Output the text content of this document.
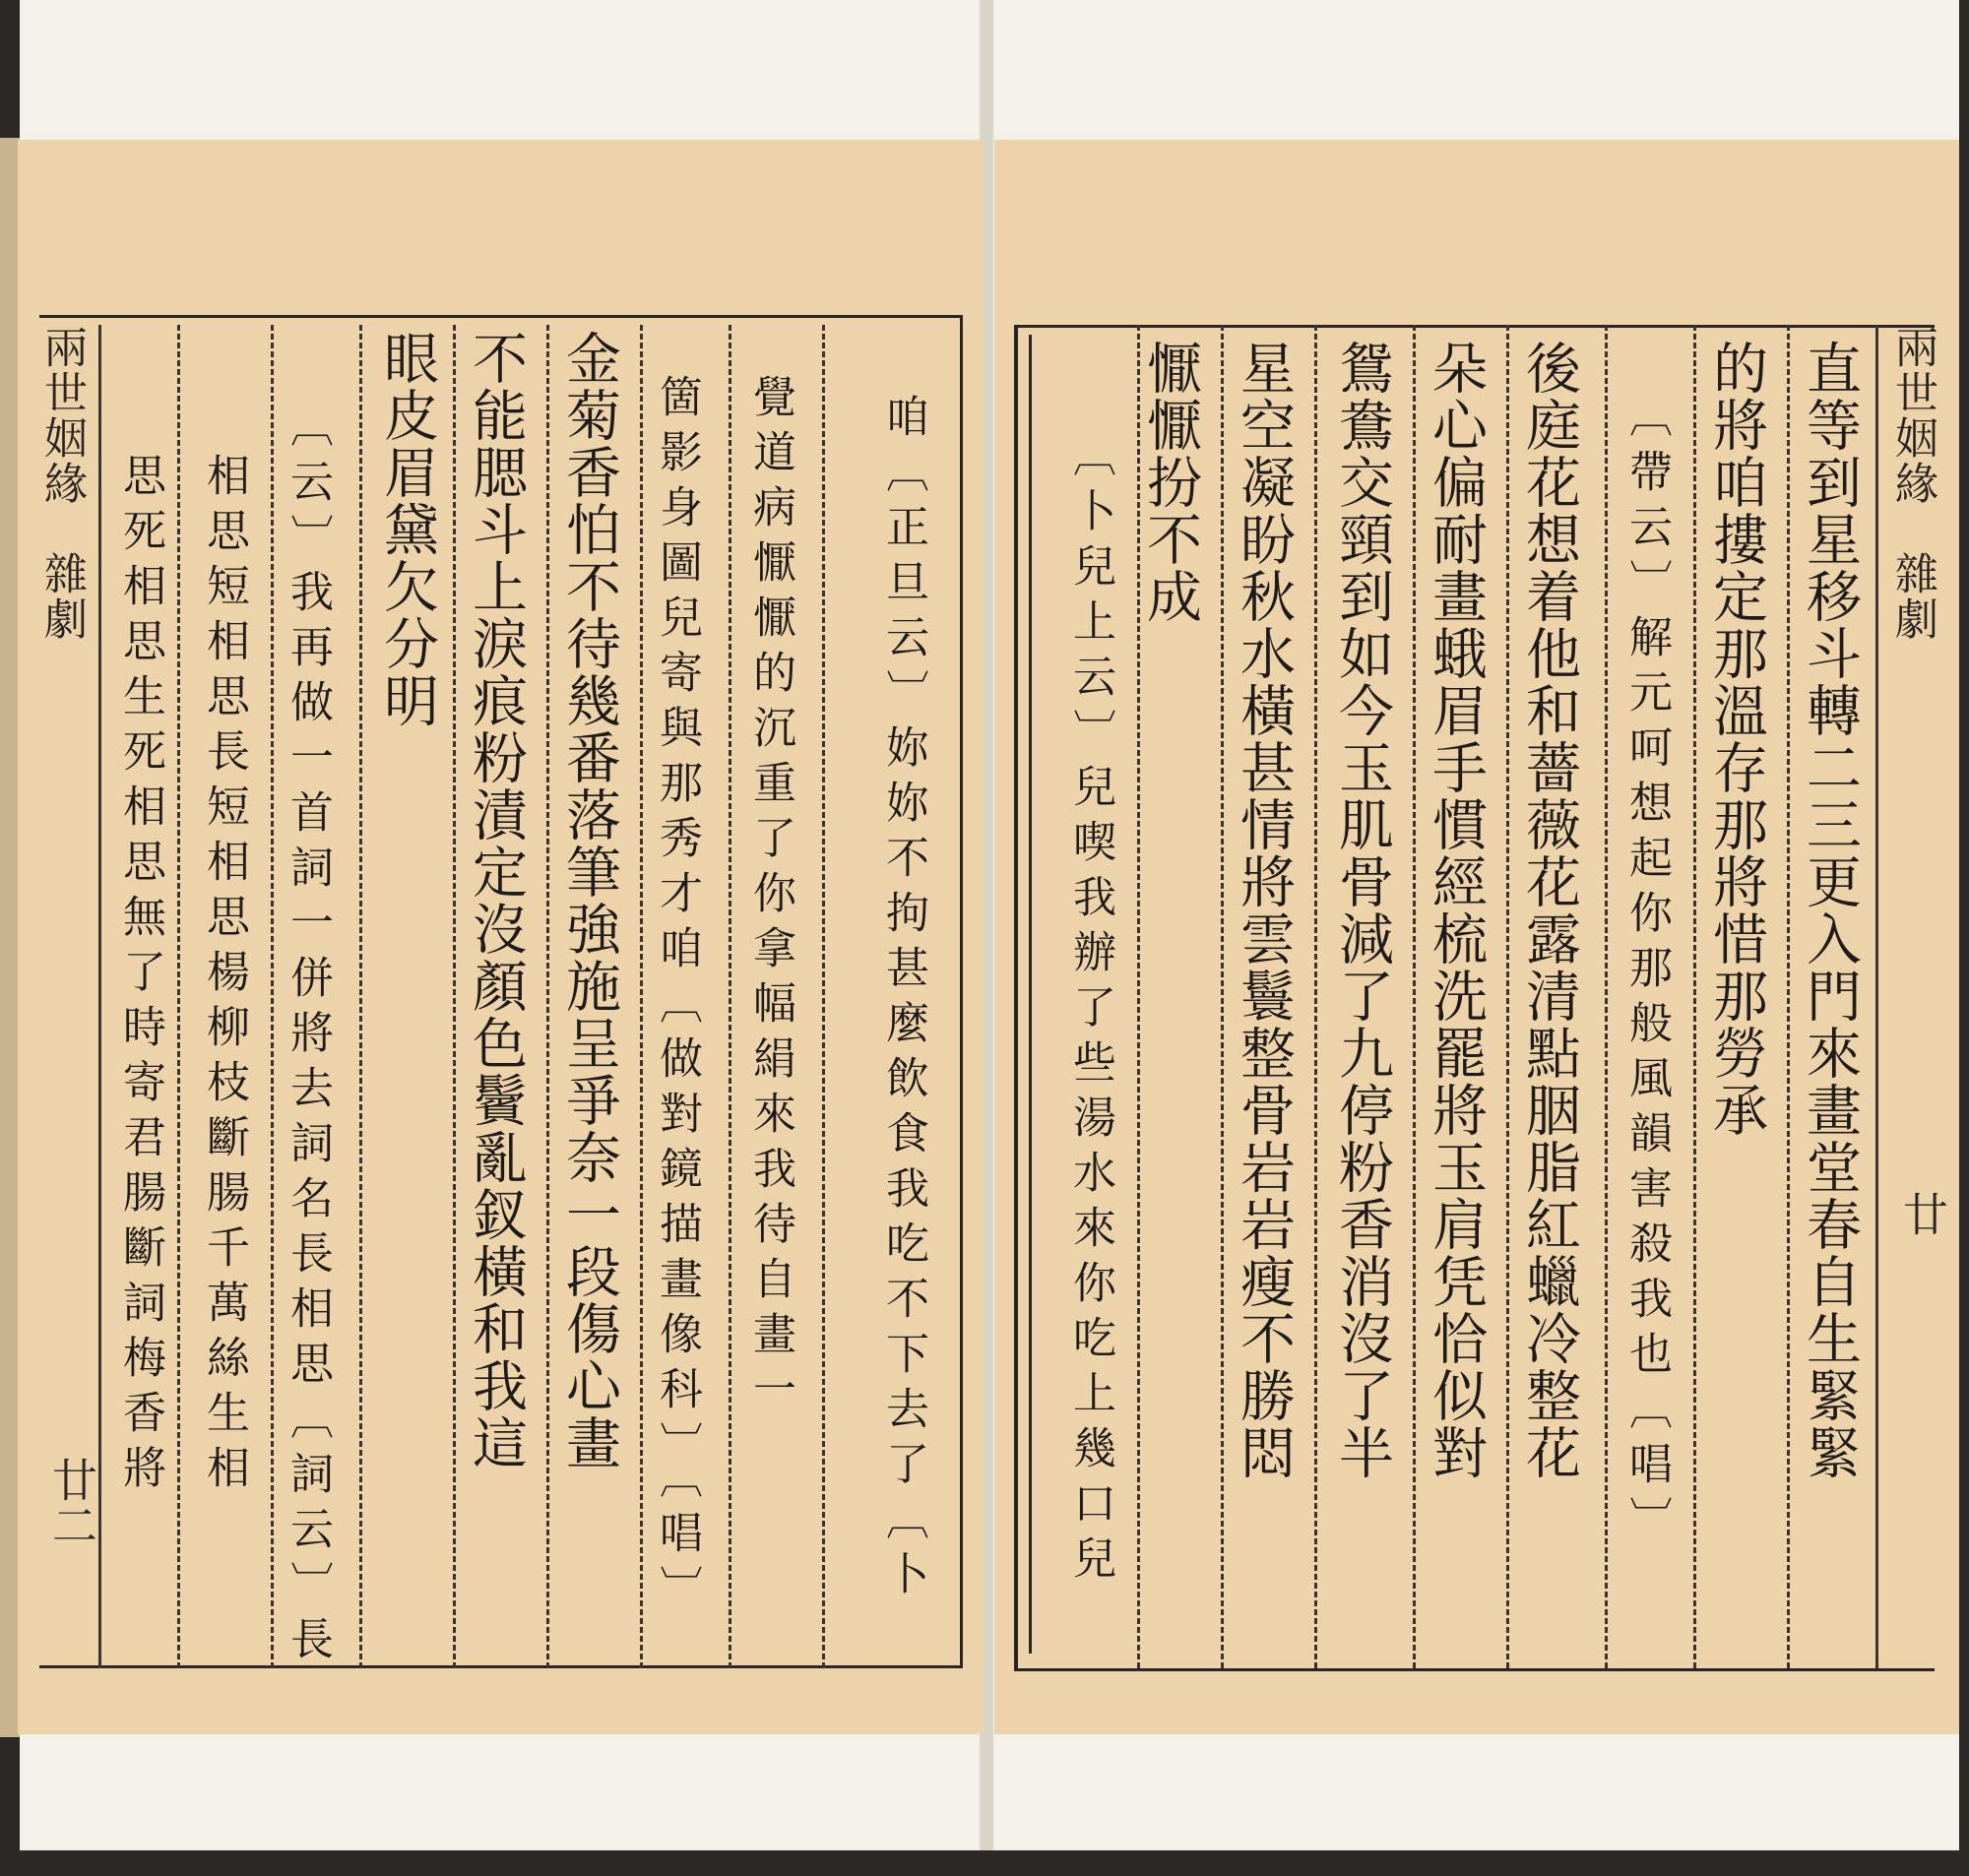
兩世姻緣
雜劇
廿二
思死相思生死相思無了時寄君腸斷詞梅香將 相思短相思長短相思楊柳枝斷腸千萬絲生相 〔云〕我再做一首詞一併將去詞名長相思〔詞云〕長 眼皮眉黛欠分明 不能腮斗上淚痕粉漬定沒顏色鬢亂釵橫和我這 金菊香怕不待幾番落筆強施呈爭奈一段傷心畫 箇影身圖兒寄與那秀才咱〔做對鏡描畫像科〕〔唱〕 覺道病懨懨的沉重了你拿幅絹來我待自畫一 咱〔正旦云〕妳妳不拘甚麼飲食我吃不下去了〔卜	〔卜兒上云〕兒喫我辦了些湯水來你吃上幾口兒 懨懨扮不成 星空凝盼秋水橫甚情將雲鬟整骨岩岩瘦不勝悶 鴛鴦交頸到如今玉肌骨減了九停粉香消沒了半 朵心偏耐畫蛾眉手慣經梳洗罷將玉肩凭恰似對 後庭花想着他和薔薇花露清點胭脂紅蠟冷整花 〔帶云〕解元呵想起你那般風韻害殺我也〔唱〕 的將咱摟定那溫存那將惜那勞承 直等到星移斗轉二三更入門來畫堂春自生緊緊 兩世姻緣
雜劇
廿
